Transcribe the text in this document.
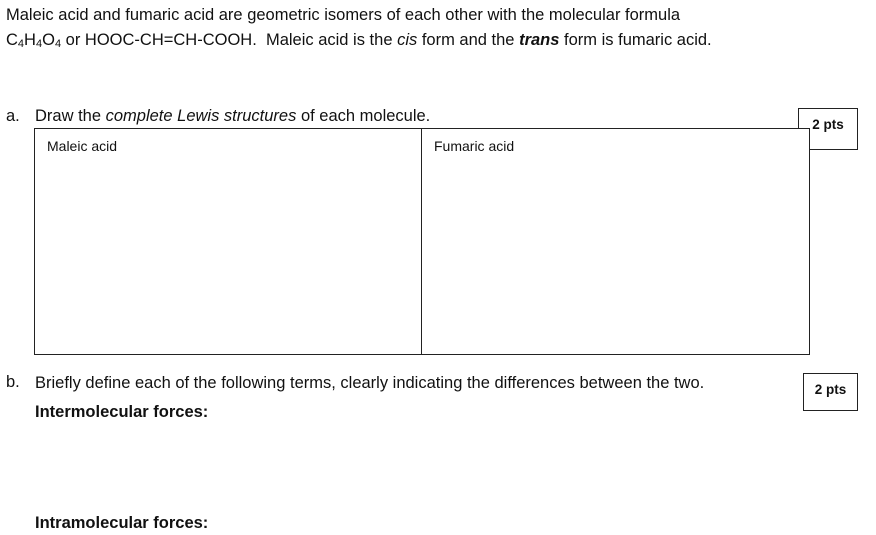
Maleic acid and fumaric acid are geometric isomers of each other with the molecular formula
C4H4O4 or HOOC-CH=CH-COOH.  Maleic acid is the cis form and the trans form is fumaric acid.
a. Draw the complete Lewis structures of each molecule.	2 pts
Maleic acid	Fumaric acid
b. Briefly define each of the following terms, clearly indicating the differences between the two.	2 pts
Intermolecular forces:
Intramolecular forces:
